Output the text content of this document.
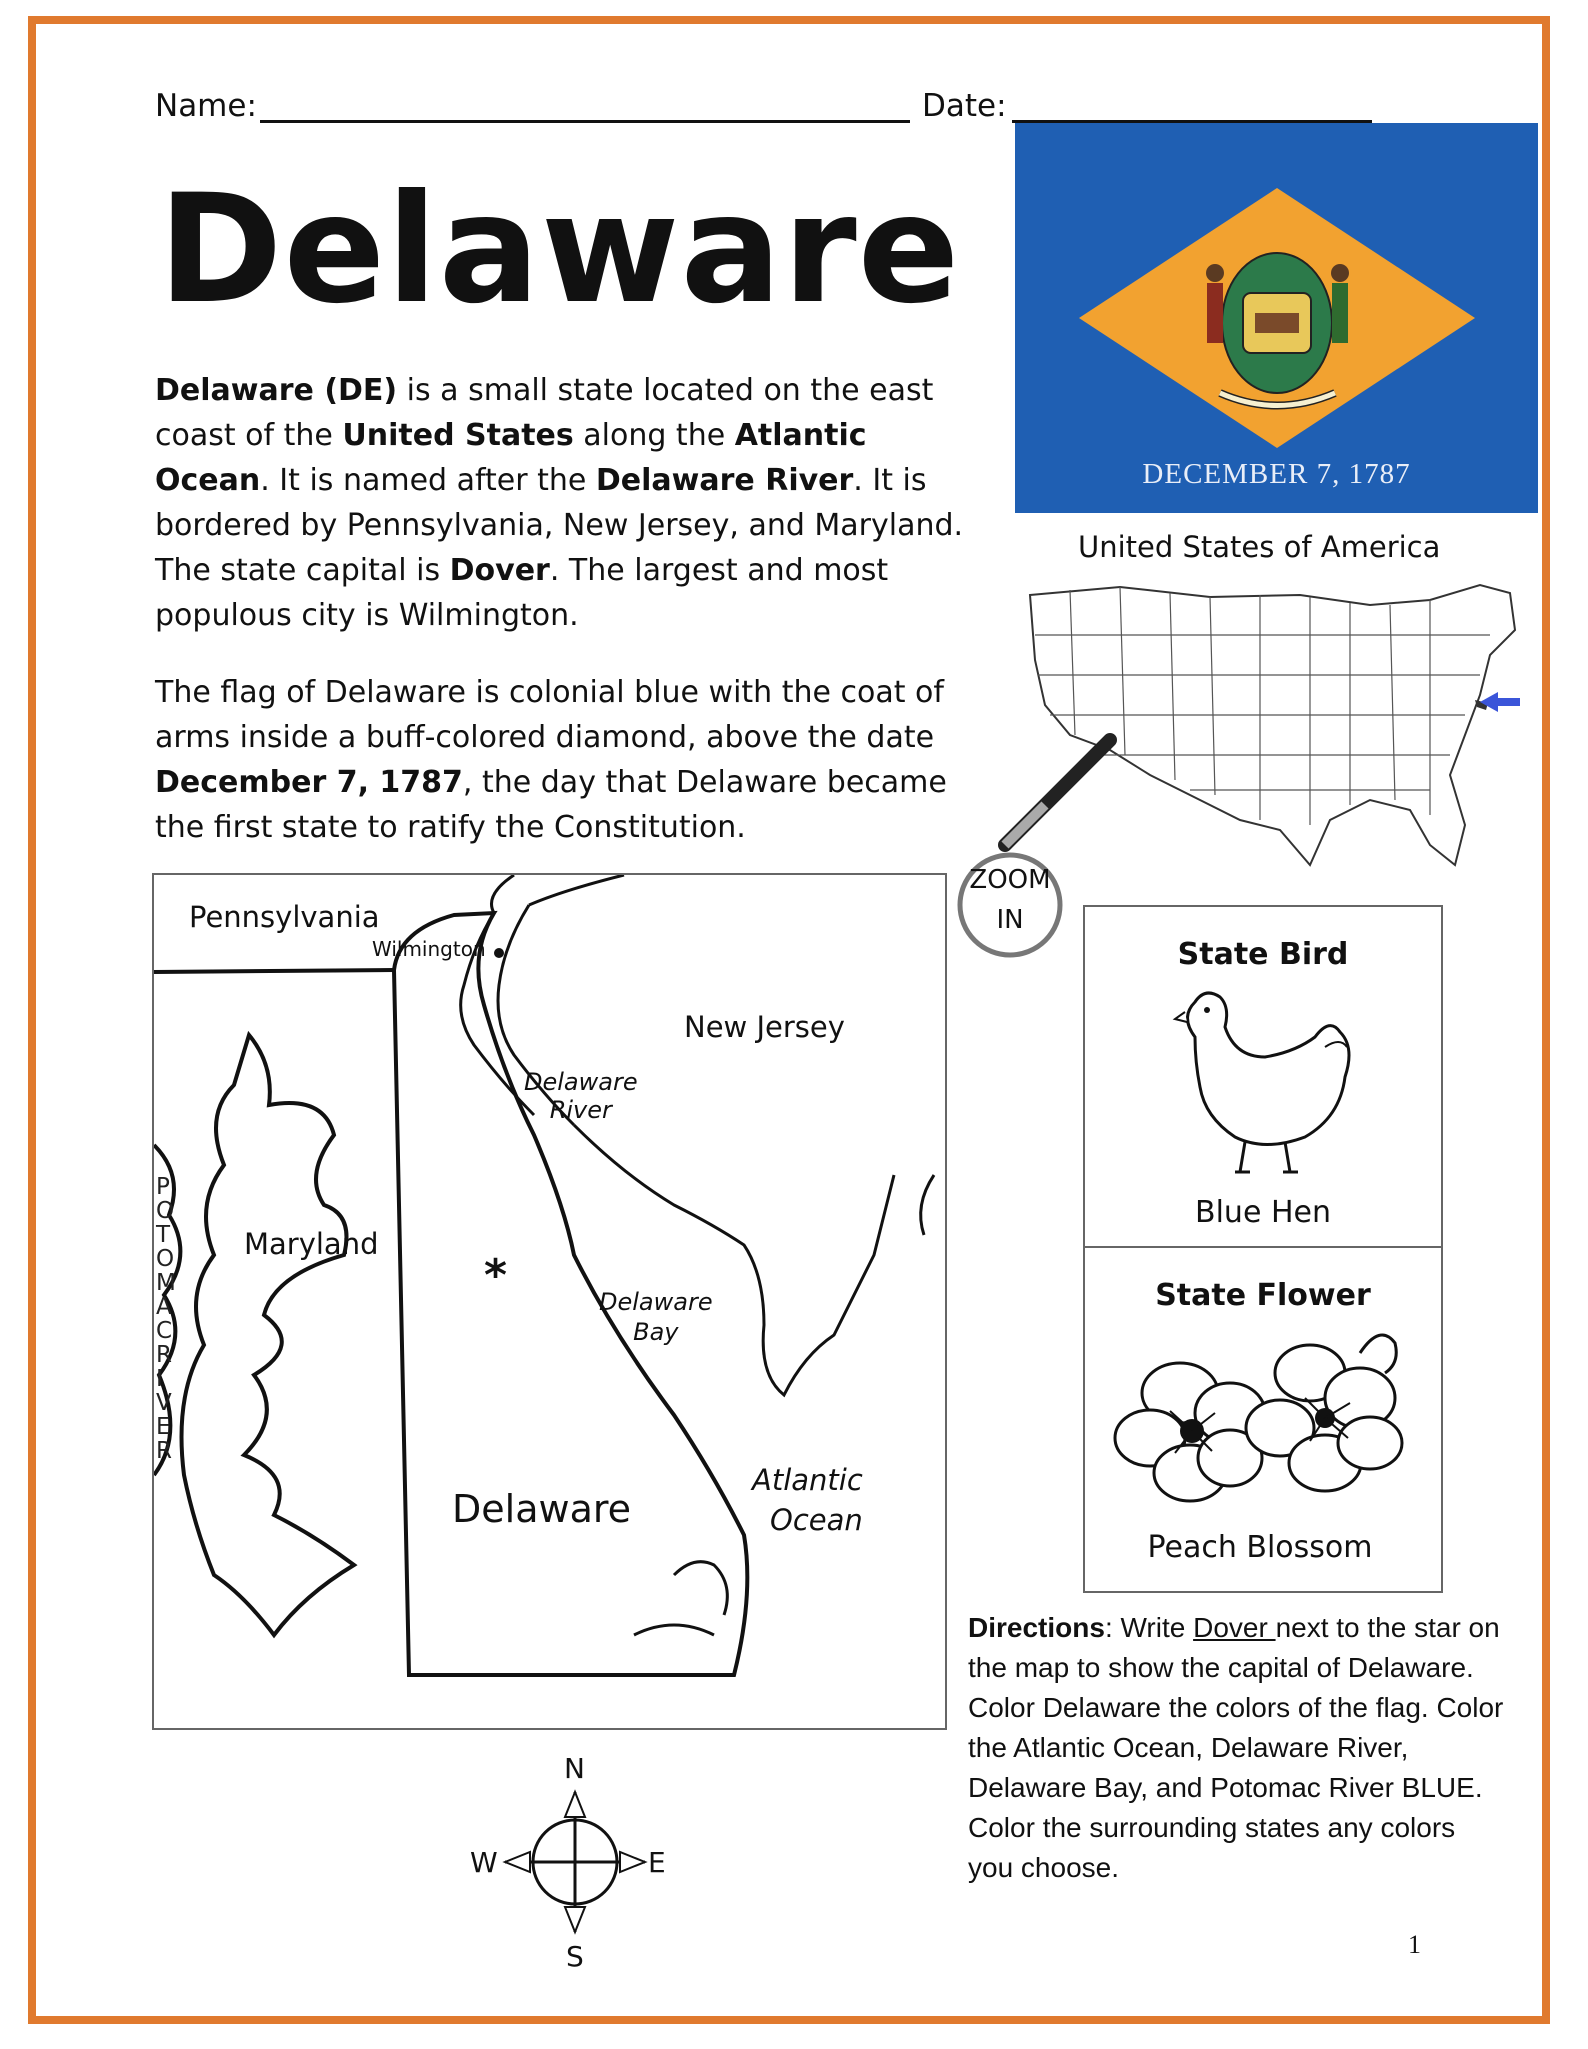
Name:	Date:
Delaware
Delaware (DE) is a small state located on the east coast of the United States along the Atlantic Ocean. It is named after the Delaware River. It is bordered by Pennsylvania, New Jersey, and Maryland. The state capital is Dover. The largest and most populous city is Wilmington.
The flag of Delaware is colonial blue with the coat of arms inside a buff-colored diamond, above the date December 7, 1787, the day that Delaware became the first state to ratify the Constitution.
DECEMBER 7, 1787
United States of America
ZOOM
IN
Pennsylvania
Wilmington
New Jersey
Delaware
River
Maryland
POTOMAC RIVER
*
Delaware
Bay
Atlantic
Ocean
Delaware
N
S
W	E
State Bird
Blue Hen
State Flower
Peach Blossom
Directions: Write Dover next to the star on the map to show the capital of Delaware. Color Delaware the colors of the flag. Color the Atlantic Ocean, Delaware River, Delaware Bay, and Potomac River BLUE. Color the surrounding states any colors you choose.
1
